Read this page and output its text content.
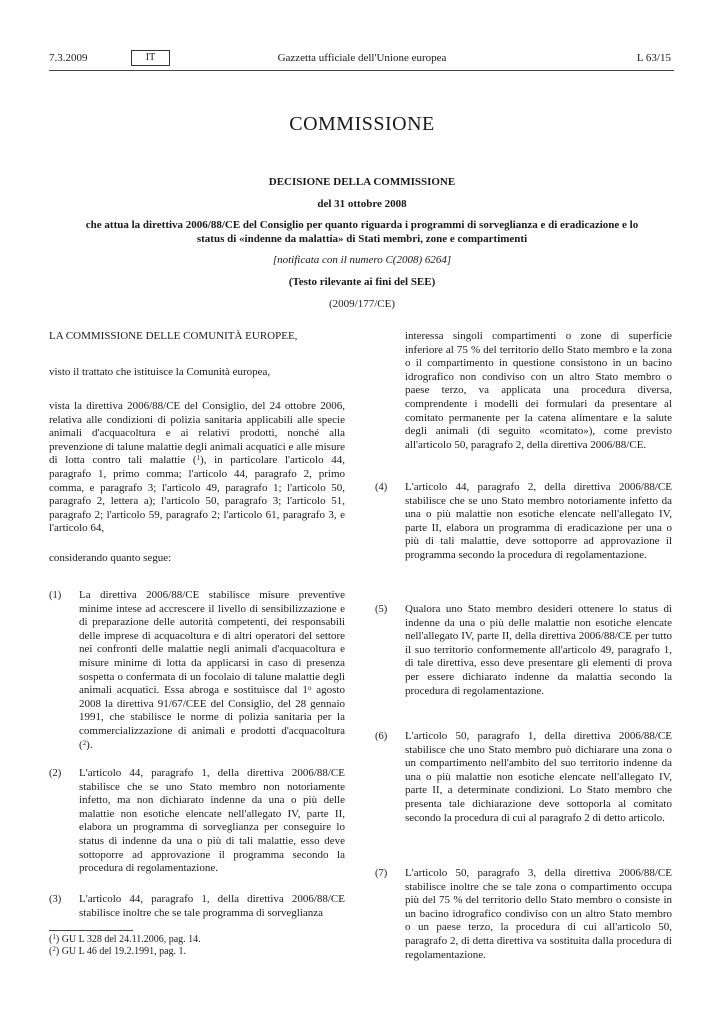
7.3.2009	IT	Gazzetta ufficiale dell'Unione europea	L 63/15
COMMISSIONE

DECISIONE DELLA COMMISSIONE

del 31 ottobre 2008

che attua la direttiva 2006/88/CE del Consiglio per quanto riguarda i programmi di sorveglianza e di eradicazione e lo status di «indenne da malattia» di Stati membri, zone e compartimenti

[notificata con il numero C(2008) 6264]

(Testo rilevante ai fini del SEE)

(2009/177/CE)

LA COMMISSIONE DELLE COMUNITÀ EUROPEE,

visto il trattato che istituisce la Comunità europea,

vista la direttiva 2006/88/CE del Consiglio, del 24 ottobre 2006, relativa alle condizioni di polizia sanitaria applicabili alle specie animali d'acquacoltura e ai relativi prodotti, nonché alla prevenzione di talune malattie degli animali acquatici e alle misure di lotta contro tali malattie ($^1$), in particolare l'articolo 44, paragrafo 1, primo comma; l'articolo 44, paragrafo 2, primo comma, e paragrafo 3; l'articolo 49, paragrafo 1; l'articolo 50, paragrafo 2, lettera a); l'articolo 50, paragrafo 3; l'articolo 51, paragrafo 2; l'articolo 59, paragrafo 2; l'articolo 61, paragrafo 3, e l'articolo 64,

considerando quanto segue:

(1) La direttiva 2006/88/CE stabilisce misure preventive minime intese ad accrescere il livello di sensibilizzazione e di preparazione delle autorità competenti, dei responsabili delle imprese di acquacoltura e di altri operatori del settore nei confronti delle malattie negli animali d'acquacoltura e misure minime di lotta da applicarsi in caso di presenza sospetta o confermata di un focolaio di talune malattie degli animali acquatici. Essa abroga e sostituisce dal 1$^o$ agosto 2008 la direttiva 91/67/CEE del Consiglio, del 28 gennaio 1991, che stabilisce le norme di polizia sanitaria per la commercializzazione di animali e prodotti d'acquacoltura ($^2$).

(2) L'articolo 44, paragrafo 1, della direttiva 2006/88/CE stabilisce che se uno Stato membro non notoriamente infetto, ma non dichiarato indenne da una o più delle malattie non esotiche elencate nell'allegato IV, parte II, elabora un programma di sorveglianza per conseguire lo status di indenne da una o più di tali malattie, esso deve sottoporre ad approvazione il programma secondo la procedura di regolamentazione.

(3) L'articolo 44, paragrafo 1, della direttiva 2006/88/CE stabilisce inoltre che se tale programma di sorveglianza

interessa singoli compartimenti o zone di superficie inferiore al 75 % del territorio dello Stato membro e la zona o il compartimento in questione consistono in un bacino idrografico non condiviso con un altro Stato membro o paese terzo, va applicata una procedura diversa, comprendente i modelli dei formulari da presentare al comitato permanente per la catena alimentare e la salute degli animali (di seguito «comitato»), come previsto all'articolo 50, paragrafo 2, della direttiva 2006/88/CE.

(4) L'articolo 44, paragrafo 2, della direttiva 2006/88/CE stabilisce che se uno Stato membro notoriamente infetto da una o più malattie non esotiche elencate nell'allegato IV, parte II, elabora un programma di eradicazione per una o più di tali malattie, deve sottoporre ad approvazione il programma secondo la procedura di regolamentazione.

(5) Qualora uno Stato membro desideri ottenere lo status di indenne da una o più delle malattie non esotiche elencate nell'allegato IV, parte II, della direttiva 2006/88/CE per tutto il suo territorio conformemente all'articolo 49, paragrafo 1, di tale direttiva, esso deve presentare gli elementi di prova per essere dichiarato indenne da malattia secondo la procedura di regolamentazione.

(6) L'articolo 50, paragrafo 1, della direttiva 2006/88/CE stabilisce che uno Stato membro può dichiarare una zona o un compartimento nell'ambito del suo territorio indenne da una o più malattie non esotiche elencate nell'allegato IV, parte II, a determinate condizioni. Lo Stato membro che presenta tale dichiarazione deve sottoporla al comitato secondo la procedura di cui al paragrafo 2 di detto articolo.

(7) L'articolo 50, paragrafo 3, della direttiva 2006/88/CE stabilisce inoltre che se tale zona o compartimento occupa più del 75 % del territorio dello Stato membro o consiste in un bacino idrografico condiviso con un altro Stato membro o un paese terzo, la procedura di cui all'articolo 50, paragrafo 2, di detta direttiva va sostituita dalla procedura di regolamentazione.

($^1$) GU L 328 del 24.11.2006, pag. 14.
($^2$) GU L 46 del 19.2.1991, pag. 1.
